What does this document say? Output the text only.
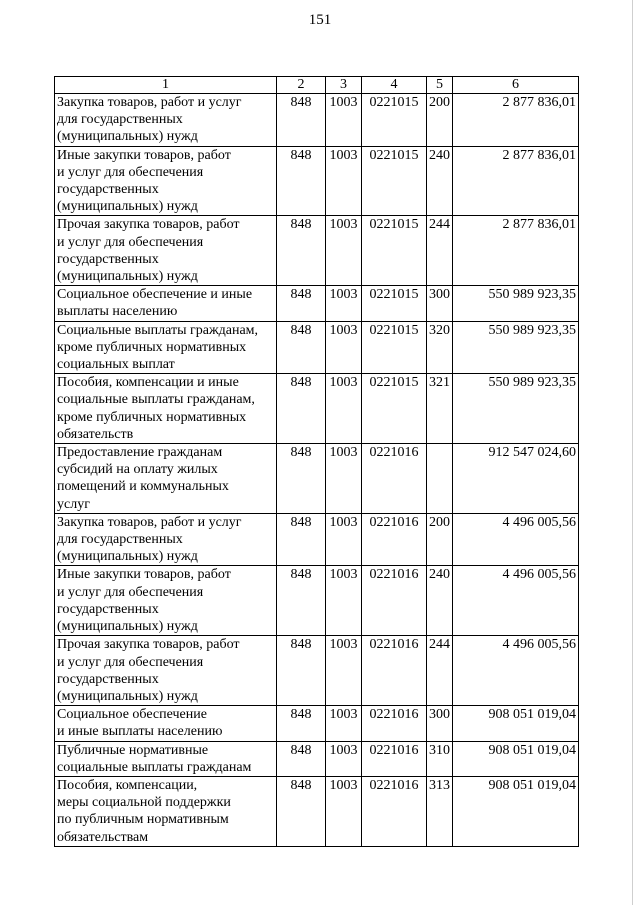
151
1	2	3	4	5	6
Закупка товаров, работ и услуг
для государственных
(муниципальных) нужд	848	1003	0221015	200	2 877 836,01
Иные закупки товаров, работ
и услуг для обеспечения
государственных
(муниципальных) нужд	848	1003	0221015	240	2 877 836,01
Прочая закупка товаров, работ
и услуг для обеспечения
государственных
(муниципальных) нужд	848	1003	0221015	244	2 877 836,01
Социальное обеспечение и иные
выплаты населению	848	1003	0221015	300	550 989 923,35
Социальные выплаты гражданам,
кроме публичных нормативных
социальных выплат	848	1003	0221015	320	550 989 923,35
Пособия, компенсации и иные
социальные выплаты гражданам,
кроме публичных нормативных
обязательств	848	1003	0221015	321	550 989 923,35
Предоставление гражданам
субсидий на оплату жилых
помещений и коммунальных
услуг	848	1003	0221016		912 547 024,60
Закупка товаров, работ и услуг
для государственных
(муниципальных) нужд	848	1003	0221016	200	4 496 005,56
Иные закупки товаров, работ
и услуг для обеспечения
государственных
(муниципальных) нужд	848	1003	0221016	240	4 496 005,56
Прочая закупка товаров, работ
и услуг для обеспечения
государственных
(муниципальных) нужд	848	1003	0221016	244	4 496 005,56
Социальное обеспечение
и иные выплаты населению	848	1003	0221016	300	908 051 019,04
Публичные нормативные
социальные выплаты гражданам	848	1003	0221016	310	908 051 019,04
Пособия, компенсации,
меры социальной поддержки
по публичным нормативным
обязательствам	848	1003	0221016	313	908 051 019,04
